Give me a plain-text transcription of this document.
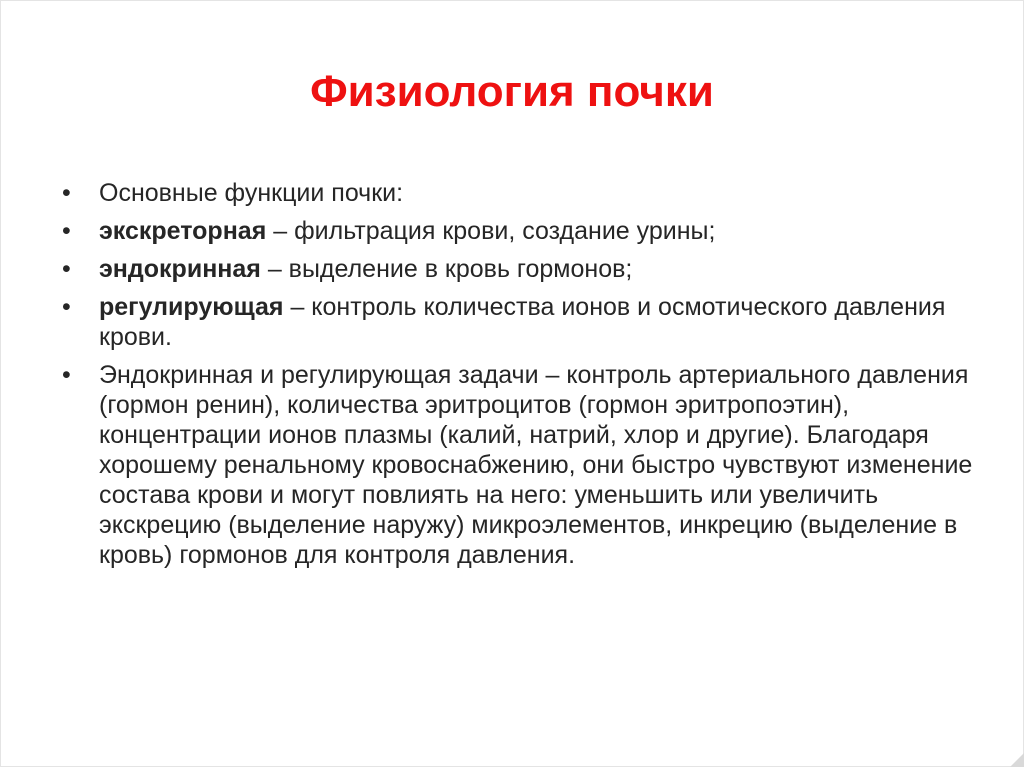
Физиология почки
•	Основные функции почки:
•	экскреторная – фильтрация крови, создание урины;
•	эндокринная – выделение в кровь гормонов;
•	регулирующая – контроль количества ионов и осмотического давления крови.
•	Эндокринная и регулирующая задачи – контроль артериального давления (гормон ренин), количества эритроцитов (гормон эритропоэтин), концентрации ионов плазмы (калий, натрий, хлор и другие). Благодаря хорошему ренальному кровоснабжению, они быстро чувствуют изменение состава крови и могут повлиять на него: уменьшить или увеличить экскрецию (выделение наружу) микроэлементов, инкрецию (выделение в кровь) гормонов для контроля давления.
